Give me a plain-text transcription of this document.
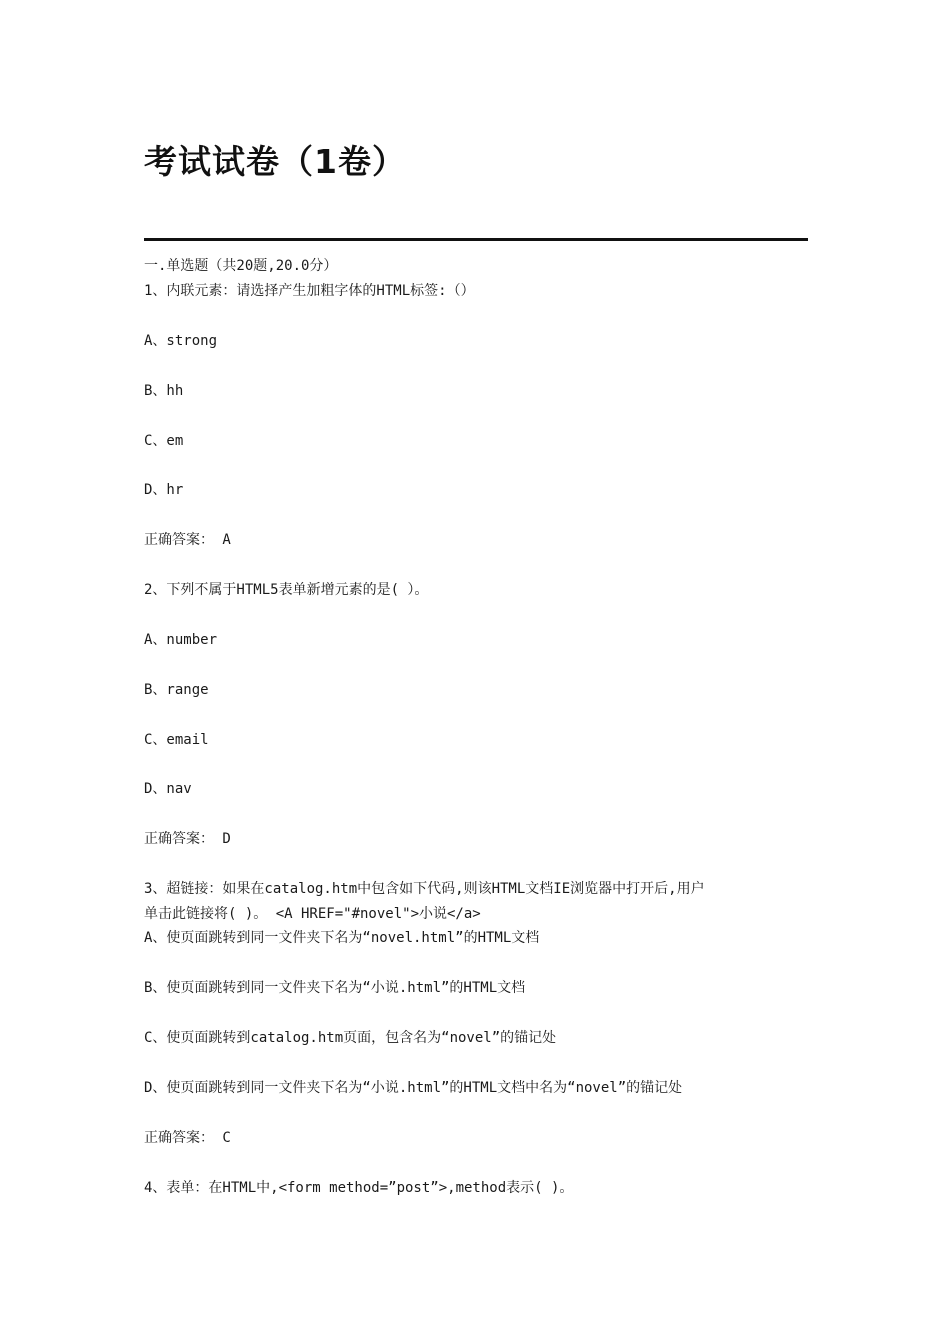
考试试卷（1卷）
一.单选题（共20题,20.0分）
1、内联元素：请选择产生加粗字体的HTML标签:（）
A、strong
B、hh
C、em
D、hr
正确答案： A
2、下列不属于HTML5表单新增元素的是( ）。
A、number
B、range
C、email
D、nav
正确答案： D
3、超链接：如果在catalog.htm中包含如下代码,则该HTML文档IE浏览器中打开后,用户
单击此链接将( )。 <A HREF="#novel">小说</a>
A、使页面跳转到同一文件夹下名为“novel.html”的HTML文档
B、使页面跳转到同一文件夹下名为“小说.html”的HTML文档
C、使页面跳转到catalog.htm页面，包含名为“novel”的锚记处
D、使页面跳转到同一文件夹下名为“小说.html”的HTML文档中名为“novel”的锚记处
正确答案： C
4、表单：在HTML中,<form method=”post”>,method表示( )。
